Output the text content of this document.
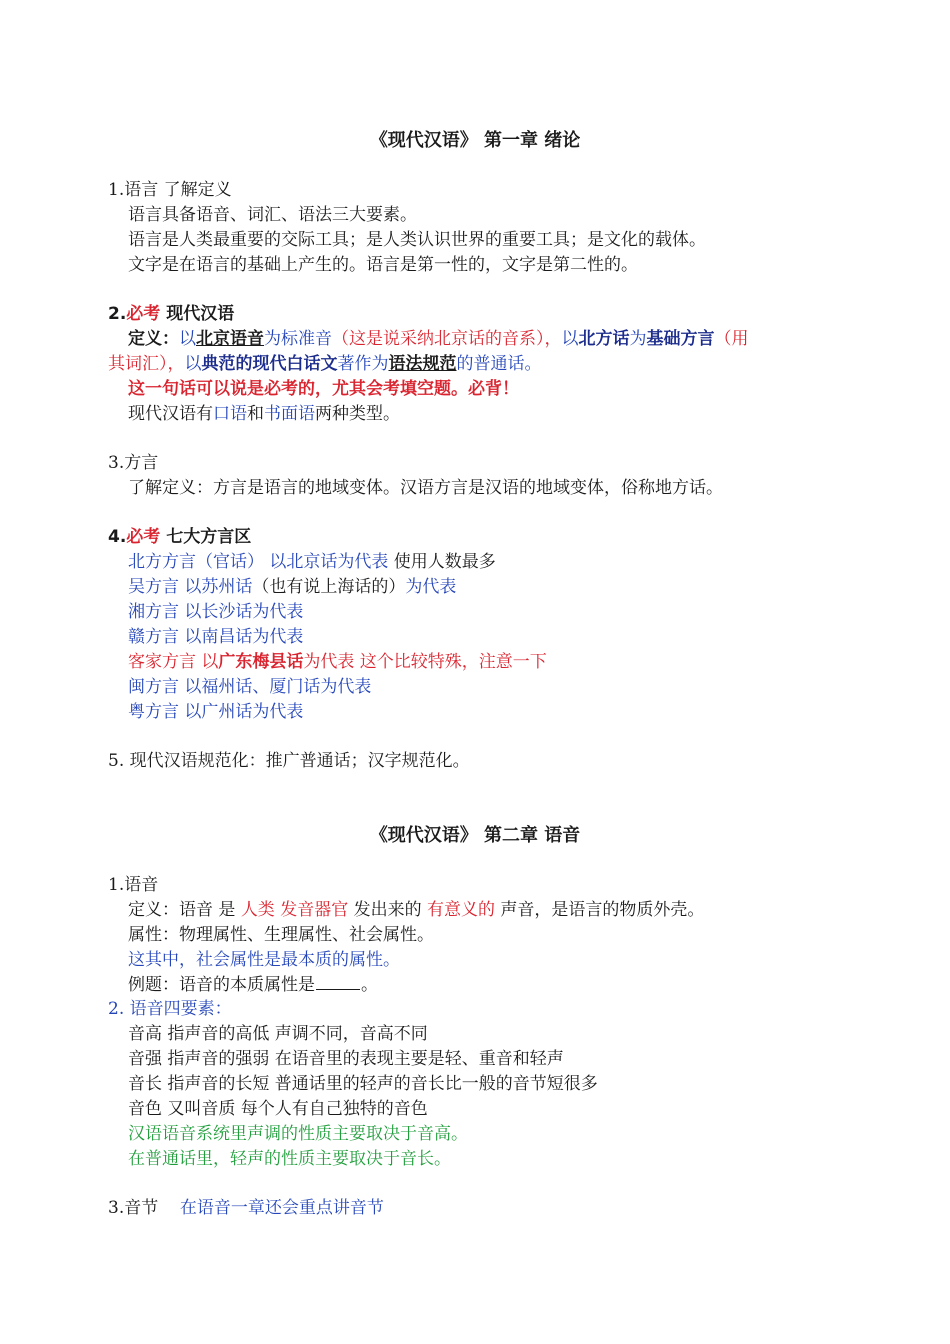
《现代汉语》 第一章 绪论
1.语言 了解定义
语言具备语音、词汇、语法三大要素。
语言是人类最重要的交际工具；是人类认识世界的重要工具；是文化的载体。
文字是在语言的基础上产生的。语言是第一性的，文字是第二性的。
2.必考 现代汉语
定义：以北京语音为标准音（这是说采纳北京话的音系），以北方话为基础方言（用
其词汇），以典范的现代白话文著作为语法规范的普通话。
这一句话可以说是必考的，尤其会考填空题。必背！
现代汉语有口语和书面语两种类型。
3.方言
了解定义：方言是语言的地域变体。汉语方言是汉语的地域变体，俗称地方话。
4.必考 七大方言区
北方方言（官话） 以北京话为代表 使用人数最多
吴方言 以苏州话（也有说上海话的）为代表
湘方言 以长沙话为代表
赣方言 以南昌话为代表
客家方言 以广东梅县话为代表 这个比较特殊，注意一下
闽方言 以福州话、厦门话为代表
粤方言 以广州话为代表
5. 现代汉语规范化：推广普通话；汉字规范化。
《现代汉语》 第二章 语音
1.语音
定义：语音 是 人类 发音器官 发出来的 有意义的 声音，是语言的物质外壳。
属性：物理属性、生理属性、社会属性。
这其中，社会属性是最本质的属性。
例题：语音的本质属性是	。
2. 语音四要素：
音高 指声音的高低 声调不同，音高不同
音强 指声音的强弱 在语音里的表现主要是轻、重音和轻声
音长 指声音的长短 普通话里的轻声的音长比一般的音节短很多
音色 又叫音质 每个人有自己独特的音色
汉语语音系统里声调的性质主要取决于音高。
在普通话里，轻声的性质主要取决于音长。
3.音节 在语音一章还会重点讲音节
